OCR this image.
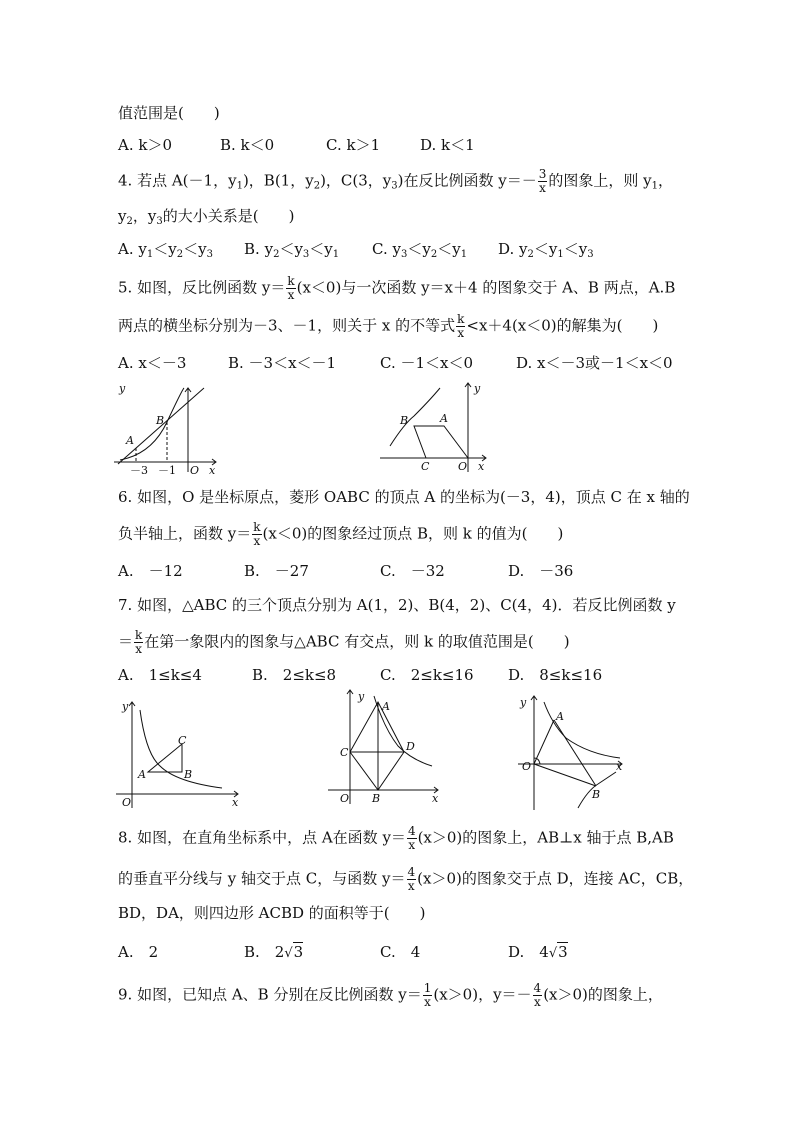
值范围是(　　)
A. k＞0	B. k＜0	C. k＞1	D. k＜1
4. 若点 A(－1，$y_1$)，B(1，$y_2$)，C(3，$y_3$)在反比例函数 $y=- \frac{3}{x}$ 的图象上，则 $y_1$，
$y_2$，$y_3$的大小关系是(　　)
A. $y_1<y_2<y_3$ B. $y_2<y_3<y_1$ C. $y_3<y_2<y_1$ D. $y_2<y_1<y_3$
5. 如图，反比例函数 $y= \frac{k}{x} (x<0)$与一次函数 y＝x＋4 的图象交于 A、B 两点，A.B
两点的横坐标分别为－3、－1，则关于 x 的不等式 $\frac{k}{x} <x+4(x<0)$的解集为(　　)
A. x＜－3	B. －3＜x＜－1	C. －1＜x＜0	D. x＜－3或－1＜x＜0
y
B
A
－3 －1 O x
y
B	A
C	O x
6. 如图，O 是坐标原点，菱形 OABC 的顶点 A 的坐标为(－3，4)，顶点 C 在 x 轴的
负半轴上，函数 $y= \frac{k}{x} (x<0)$的图象经过顶点 B，则 k 的值为(　　)
A.　－12	B.　－27	C.　－32	D.　－36
7. 如图，△ABC 的三个顶点分别为 A(1，2)、B(4，2)、C(4，4)．若反比例函数 y
＝ $\frac{k}{x}$ 在第一象限内的图象与△ABC 有交点，则 k 的取值范围是(　　)
A.　1≤k≤4	B.　2≤k≤8	C.　2≤k≤16 D.　8≤k≤16
y
C
A	B
O	x
y
A
C	D
O B	x
y
A
O	x
B
8. 如图，在直角坐标系中，点 A在函数 $y= \frac{4}{x} (x>0)$的图象上，AB⊥x 轴于点 B,AB
的垂直平分线与 y 轴交于点 C，与函数 $y= \frac{4}{x} (x>0)$的图象交于点 D，连接 AC，CB，
BD，DA，则四边形 ACBD 的面积等于(　　)
A.　2	B.　2√3	C.　4	D.　4√3
9. 如图，已知点 A、B 分别在反比例函数 $y= \frac{1}{x} (x>0)$，$y=- \frac{4}{x} (x>0)$的图象上，
